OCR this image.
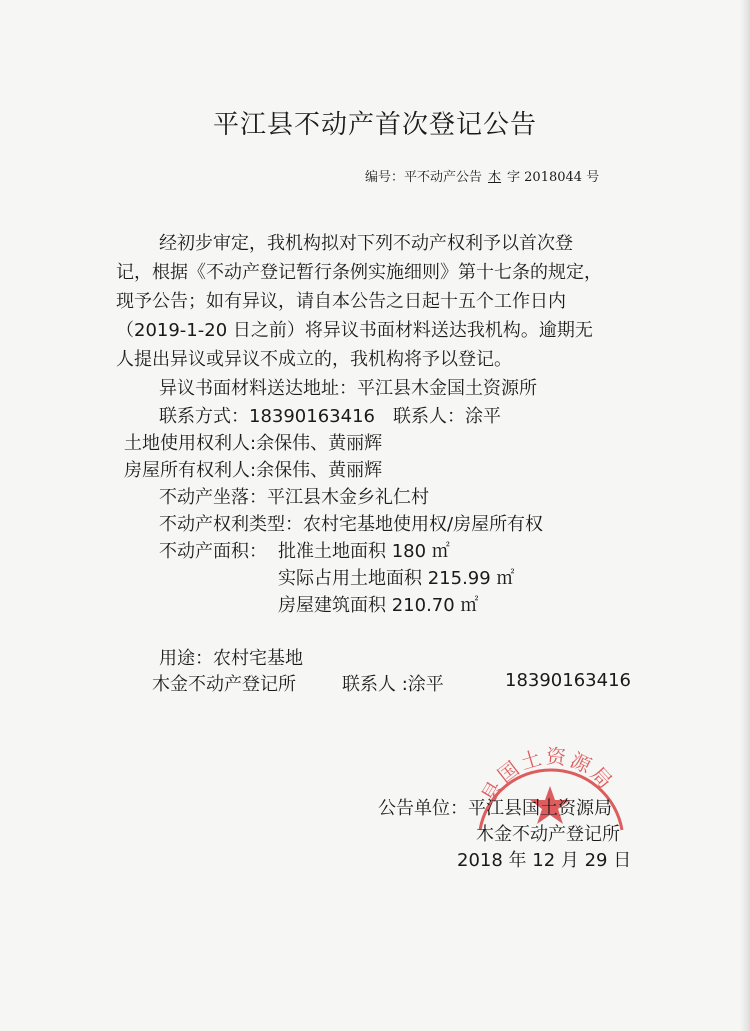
平江县不动产首次登记公告
编号：平不动产公告 木 字 2018044 号
经初步审定，我机构拟对下列不动产权利予以首次登
记，根据《不动产登记暂行条例实施细则》第十七条的规定，
现予公告；如有异议，请自本公告之日起十五个工作日内
（2019-1-20 日之前）将异议书面材料送达我机构。逾期无
人提出异议或异议不成立的，我机构将予以登记。
异议书面材料送达地址：平江县木金国土资源所
联系方式：18390163416　联系人：涂平
土地使用权利人:余保伟、黄丽辉
房屋所有权利人:余保伟、黄丽辉
不动产坐落：平江县木金乡礼仁村
不动产权利类型：农村宅基地使用权/房屋所有权
不动产面积： 批准土地面积 180 ㎡
实际占用土地面积 215.99 ㎡
房屋建筑面积 210.70 ㎡
用途：农村宅基地
木金不动产登记所	联系人 :涂平	18390163416
县国土资源局
公告单位：平江县国土资源局
木金不动产登记所
2018 年 12 月 29 日
